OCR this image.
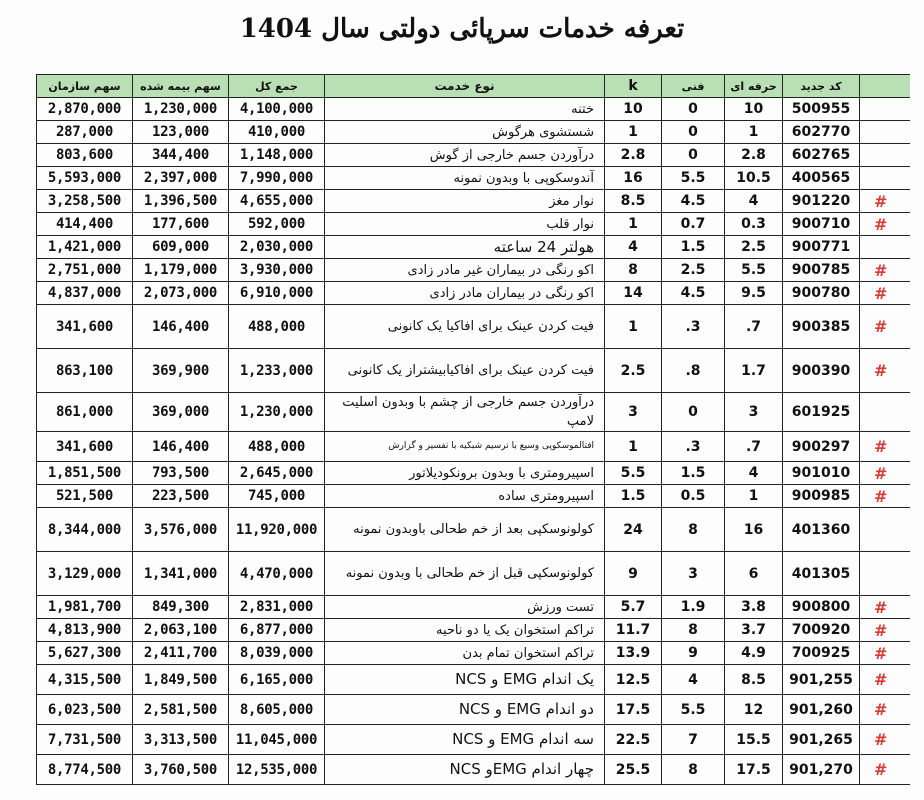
تعرفه خدمات سرپائی دولتی سال 1404
سهم سازمان	سهم بیمه شده	جمع کل	نوع خدمت	k	فنی	حرفه ای	کد جدید	
2,870,000	1,230,000	4,100,000	ختنه	10	0	10	500955	
287,000	123,000	410,000	شستشوی هرگوش	1	0	1	602770	
803,600	344,400	1,148,000	درآوردن جسم خارجی از گوش	2.8	0	2.8	602765	
5,593,000	2,397,000	7,990,000	آندوسکوپی با وبدون نمونه	16	5.5	10.5	400565	
3,258,500	1,396,500	4,655,000	نوار مغز	8.5	4.5	4	901220	#
414,400	177,600	592,000	نوار قلب	1	0.7	0.3	900710	#
1,421,000	609,000	2,030,000	هولتر 24 ساعته	4	1.5	2.5	900771	
2,751,000	1,179,000	3,930,000	اکو رنگی در بیماران غیر مادر زادی	8	2.5	5.5	900785	#
4,837,000	2,073,000	6,910,000	اکو رنگی در بیماران مادر زادی	14	4.5	9.5	900780	#
341,600	146,400	488,000	فیت کردن عینک برای افاکیا یک کانونی	1	.3	.7	900385	#
863,100	369,900	1,233,000	فیت کردن عینک برای افاکیابیشتراز یک کانونی	2.5	.8	1.7	900390	#
861,000	369,000	1,230,000	درآوردن جسم خارجی از چشم با وبدون اسلیت لامپ	3	0	3	601925	
341,600	146,400	488,000	افتالموسکوپی وسیع با ترسیم شبکیه با تفسیر و گزارش	1	.3	.7	900297	#
1,851,500	793,500	2,645,000	اسپیرومتری با وبدون برونکودیلاتور	5.5	1.5	4	901010	#
521,500	223,500	745,000	اسپیرومتری ساده	1.5	0.5	1	900985	#
8,344,000	3,576,000	11,920,000	کولونوسکپی بعد از خم طحالی باوبدون نمونه	24	8	16	401360	
3,129,000	1,341,000	4,470,000	کولونوسکپی قبل از خم طحالی با وبدون نمونه	9	3	6	401305	
1,981,700	849,300	2,831,000	تست ورزش	5.7	1.9	3.8	900800	#
4,813,900	2,063,100	6,877,000	تراکم استخوان یک یا دو ناحیه	11.7	8	3.7	700920	#
5,627,300	2,411,700	8,039,000	تراکم استخوان تمام بدن	13.9	9	4.9	700925	#
4,315,500	1,849,500	6,165,000	یک اندام EMG و NCS	12.5	4	8.5	901,255	#
6,023,500	2,581,500	8,605,000	دو اندام EMG و NCS	17.5	5.5	12	901,260	#
7,731,500	3,313,500	11,045,000	سه اندام EMG و NCS	22.5	7	15.5	901,265	#
8,774,500	3,760,500	12,535,000	چهار اندام EMGو NCS	25.5	8	17.5	901,270	#
